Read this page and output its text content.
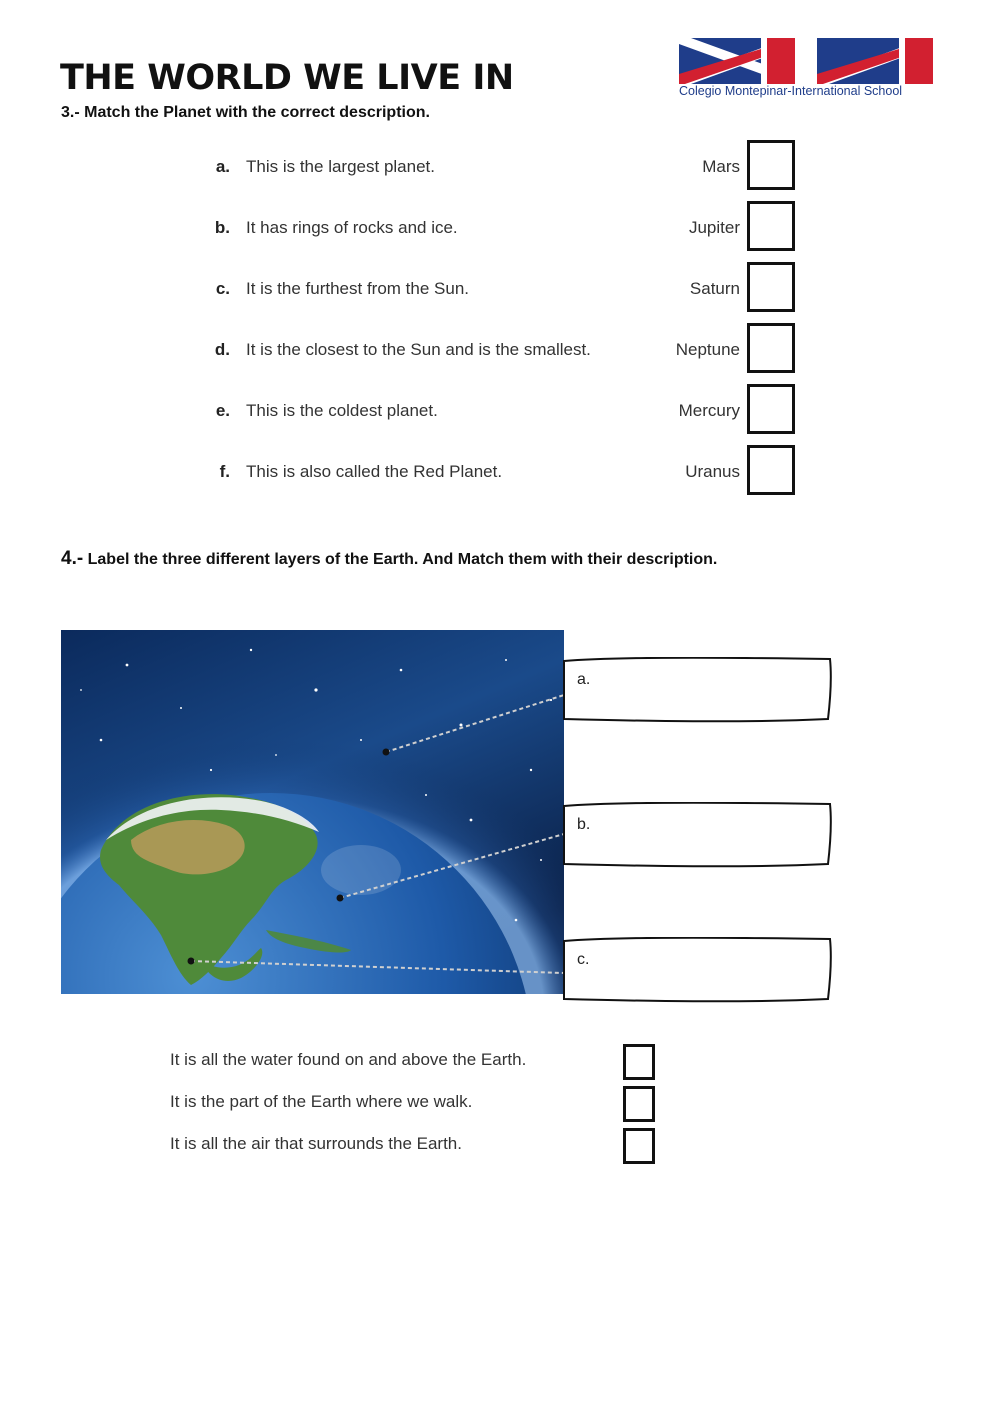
THE WORLD WE LIVE IN	Colegio Montepinar-International School
3.- Match the Planet with the correct description.
a. This is the largest planet.	Mars
b. It has rings of rocks and ice.	Jupiter
c. It is the furthest from the Sun.	Saturn
d. It is the closest to the Sun and is the smallest.	Neptune
e. This is the coldest planet.	Mercury
f. This is also called the Red Planet.	Uranus
4.- Label the three different layers of the Earth. And Match them with their description.
a.
b.
c.
It is all the water found on and above the Earth.
It is the part of the Earth where we walk.
It is all the air that surrounds the Earth.
